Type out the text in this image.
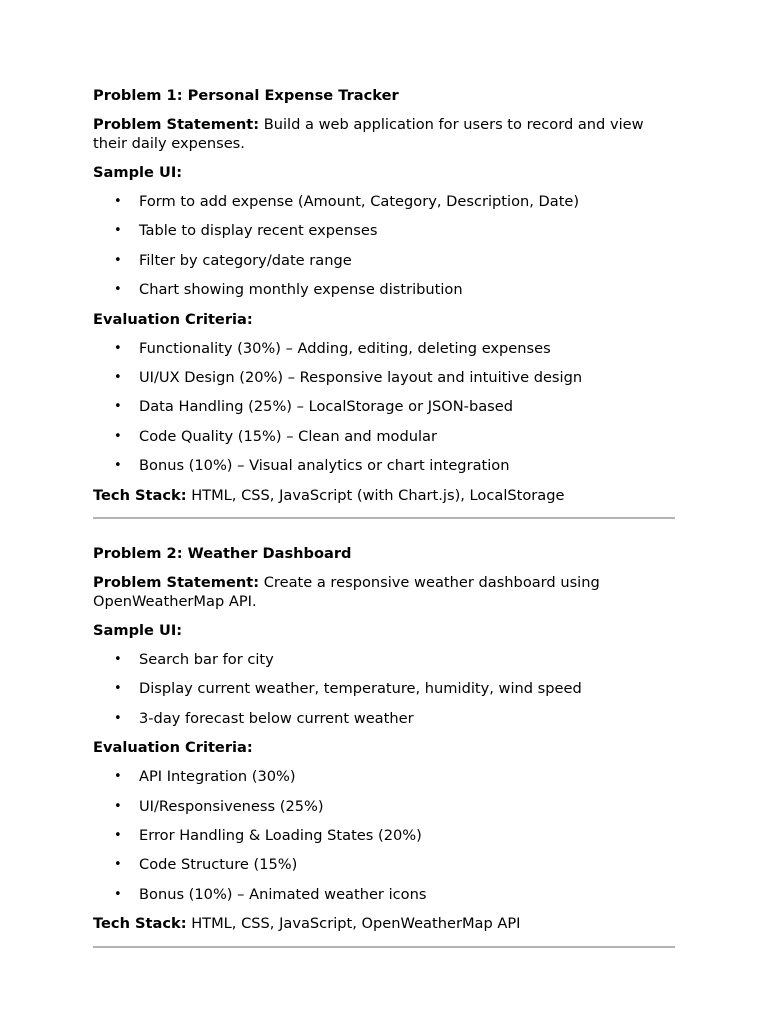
Problem 1: Personal Expense Tracker

Problem Statement: Build a web application for users to record and view their daily expenses.

Sample UI:

• Form to add expense (Amount, Category, Description, Date)
• Table to display recent expenses
• Filter by category/date range
• Chart showing monthly expense distribution

Evaluation Criteria:

• Functionality (30%) – Adding, editing, deleting expenses
• UI/UX Design (20%) – Responsive layout and intuitive design
• Data Handling (25%) – LocalStorage or JSON-based
• Code Quality (15%) – Clean and modular
• Bonus (10%) – Visual analytics or chart integration

Tech Stack: HTML, CSS, JavaScript (with Chart.js), LocalStorage

Problem 2: Weather Dashboard

Problem Statement: Create a responsive weather dashboard using OpenWeatherMap API.

Sample UI:

• Search bar for city
• Display current weather, temperature, humidity, wind speed
• 3-day forecast below current weather

Evaluation Criteria:

• API Integration (30%)
• UI/Responsiveness (25%)
• Error Handling & Loading States (20%)
• Code Structure (15%)
• Bonus (10%) – Animated weather icons

Tech Stack: HTML, CSS, JavaScript, OpenWeatherMap API
